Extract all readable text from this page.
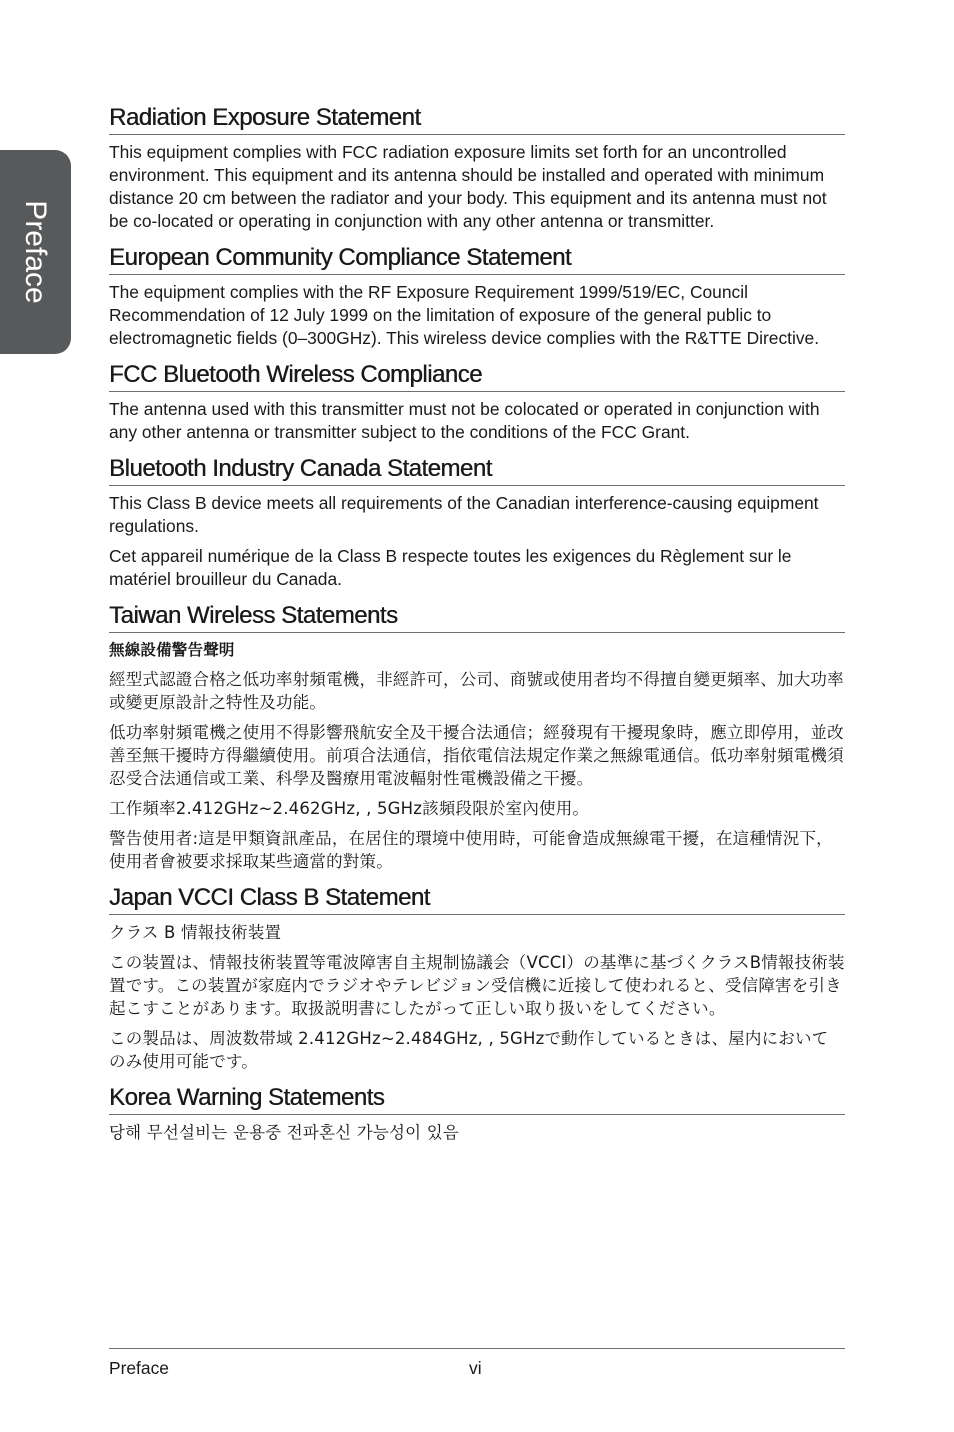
Preface
Radiation Exposure Statement

This equipment complies with FCC radiation exposure limits set forth for an uncontrolled environment. This equipment and its antenna should be installed and operated with minimum distance 20 cm between the radiator and your body. This equipment and its antenna must not be co-located or operating in conjunction with any other antenna or transmitter.

European Community Compliance Statement

The equipment complies with the RF Exposure Requirement 1999/519/EC, Council Recommendation of 12 July 1999 on the limitation of exposure of the general public to electromagnetic fields (0–300GHz). This wireless device complies with the R&TTE Directive.

FCC Bluetooth Wireless Compliance

The antenna used with this transmitter must not be colocated or operated in conjunction with any other antenna or transmitter subject to the conditions of the FCC Grant.

Bluetooth Industry Canada Statement

This Class B device meets all requirements of the Canadian interference-causing equipment regulations.

Cet appareil numérique de la Class B respecte toutes les exigences du Règlement sur le matériel brouilleur du Canada.

Taiwan Wireless Statements

無線設備警告聲明

經型式認證合格之低功率射頻電機，非經許可，公司、商號或使用者均不得擅自變更頻率、加大功率或變更原設計之特性及功能。

低功率射頻電機之使用不得影響飛航安全及干擾合法通信；經發現有干擾現象時，應立即停用，並改善至無干擾時方得繼續使用。前項合法通信，指依電信法規定作業之無線電通信。低功率射頻電機須忍受合法通信或工業、科學及醫療用電波輻射性電機設備之干擾。

工作頻率2.412GHz~2.462GHz, , 5GHz該頻段限於室內使用。

警告使用者:這是甲類資訊產品，在居住的環境中使用時，可能會造成無線電干擾，在這種情況下，使用者會被要求採取某些適當的對策。

Japan VCCI Class B Statement

クラス B 情報技術装置

この装置は、情報技術装置等電波障害自主規制協議会（VCCI）の基準に基づくクラスB情報技術装置です。この装置が家庭内でラジオやテレビジョン受信機に近接して使われると、受信障害を引き起こすことがあります。取扱説明書にしたがって正しい取り扱いをしてください。

この製品は、周波数帯域 2.412GHz~2.484GHz, , 5GHzで動作しているときは、屋内においてのみ使用可能です。

Korea Warning Statements

당해 무선설비는 운용중 전파혼신 가능성이 있음

Preface	vi
